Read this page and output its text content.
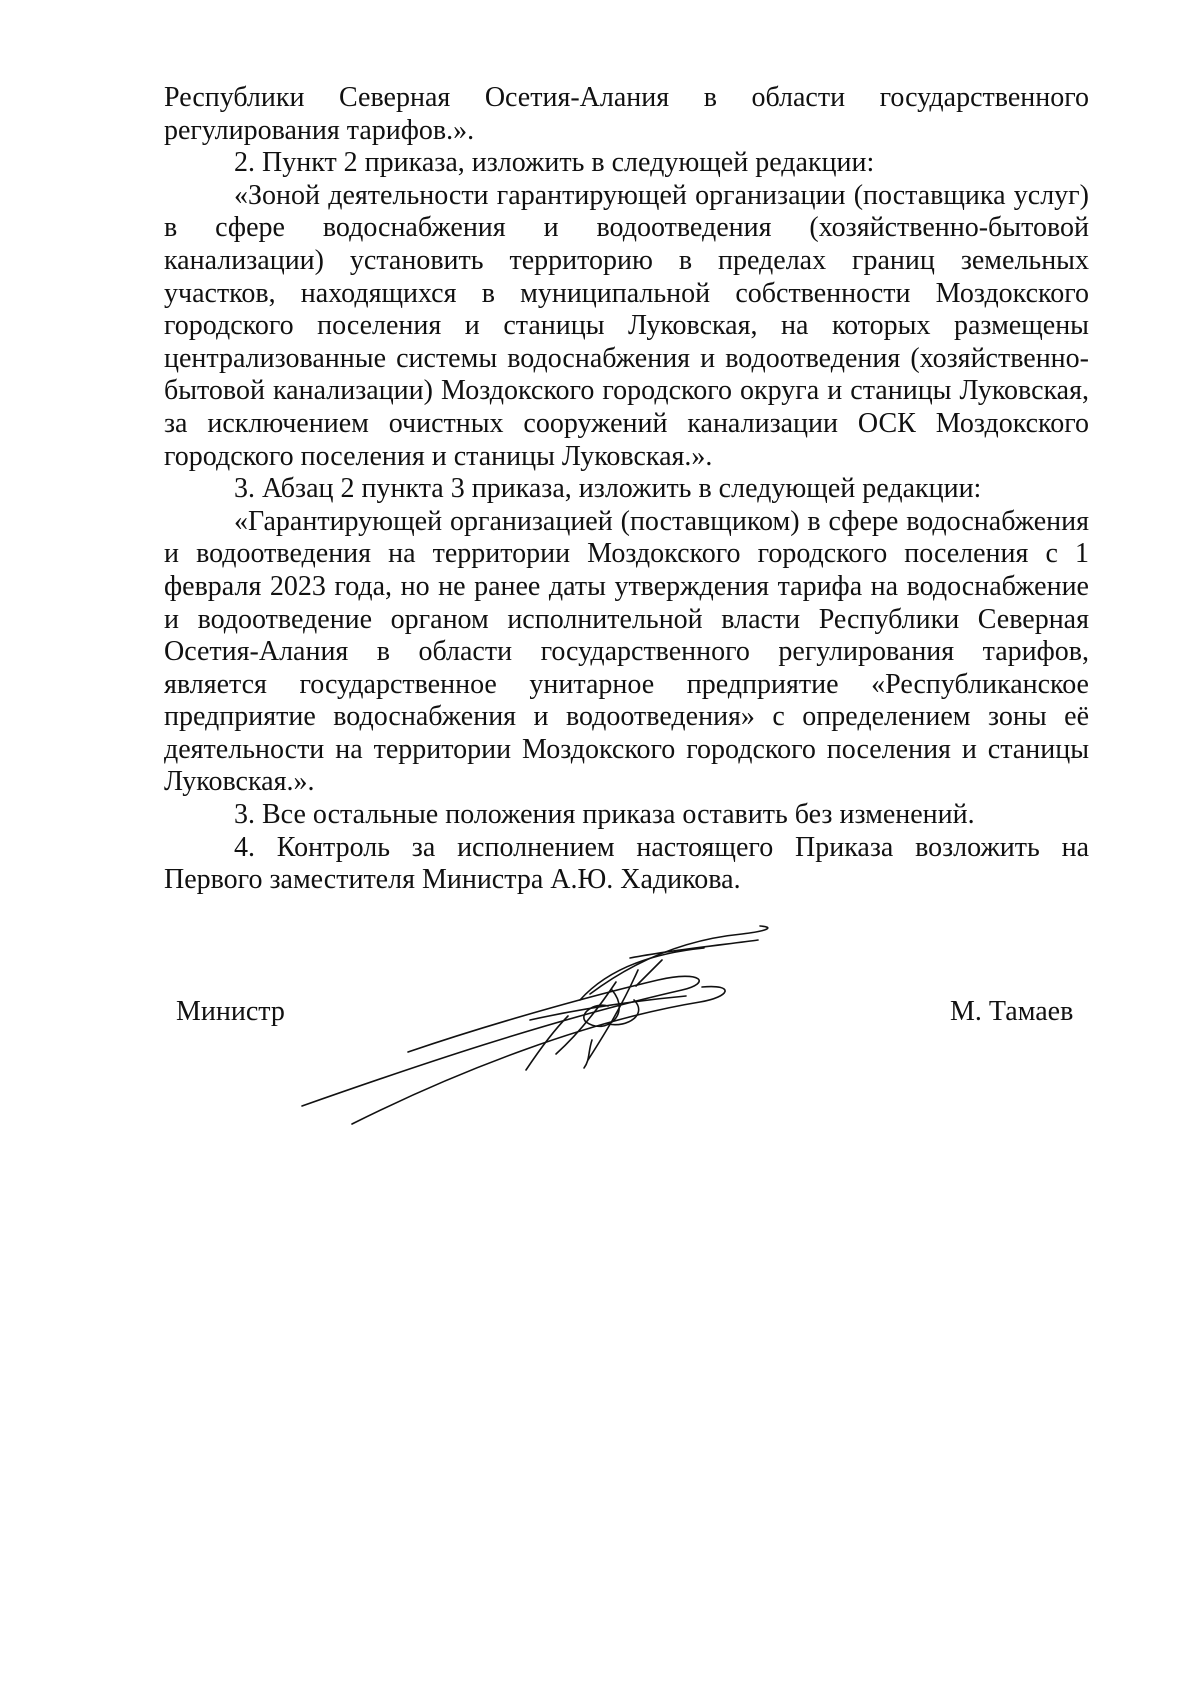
Республики Северная Осетия-Алания в области государственного регулирования тарифов.».

2. Пункт 2 приказа, изложить в следующей редакции:

«Зоной деятельности гарантирующей организации (поставщика услуг) в сфере водоснабжения и водоотведения (хозяйственно-бытовой канализации) установить территорию в пределах границ земельных участков, находящихся в муниципальной собственности Моздокского городского поселения и станицы Луковская, на которых размещены централизованные системы водоснабжения и водоотведения (хозяйственно-бытовой канализации) Моздокского городского округа и станицы Луковская, за исключением очистных сооружений канализации ОСК Моздокского городского поселения и станицы Луковская.».

3. Абзац 2 пункта 3 приказа, изложить в следующей редакции:

«Гарантирующей организацией (поставщиком) в сфере водоснабжения и водоотведения на территории Моздокского городского поселения с 1 февраля 2023 года, но не ранее даты утверждения тарифа на водоснабжение и водоотведение органом исполнительной власти Республики Северная Осетия-Алания в области государственного регулирования тарифов, является государственное унитарное предприятие «Республиканское предприятие водоснабжения и водоотведения» с определением зоны её деятельности на территории Моздокского городского поселения и станицы Луковская.».

3. Все остальные положения приказа оставить без изменений.

4. Контроль за исполнением настоящего Приказа возложить на Первого заместителя Министра А.Ю. Хадикова.

Министр	М. Тамаев
